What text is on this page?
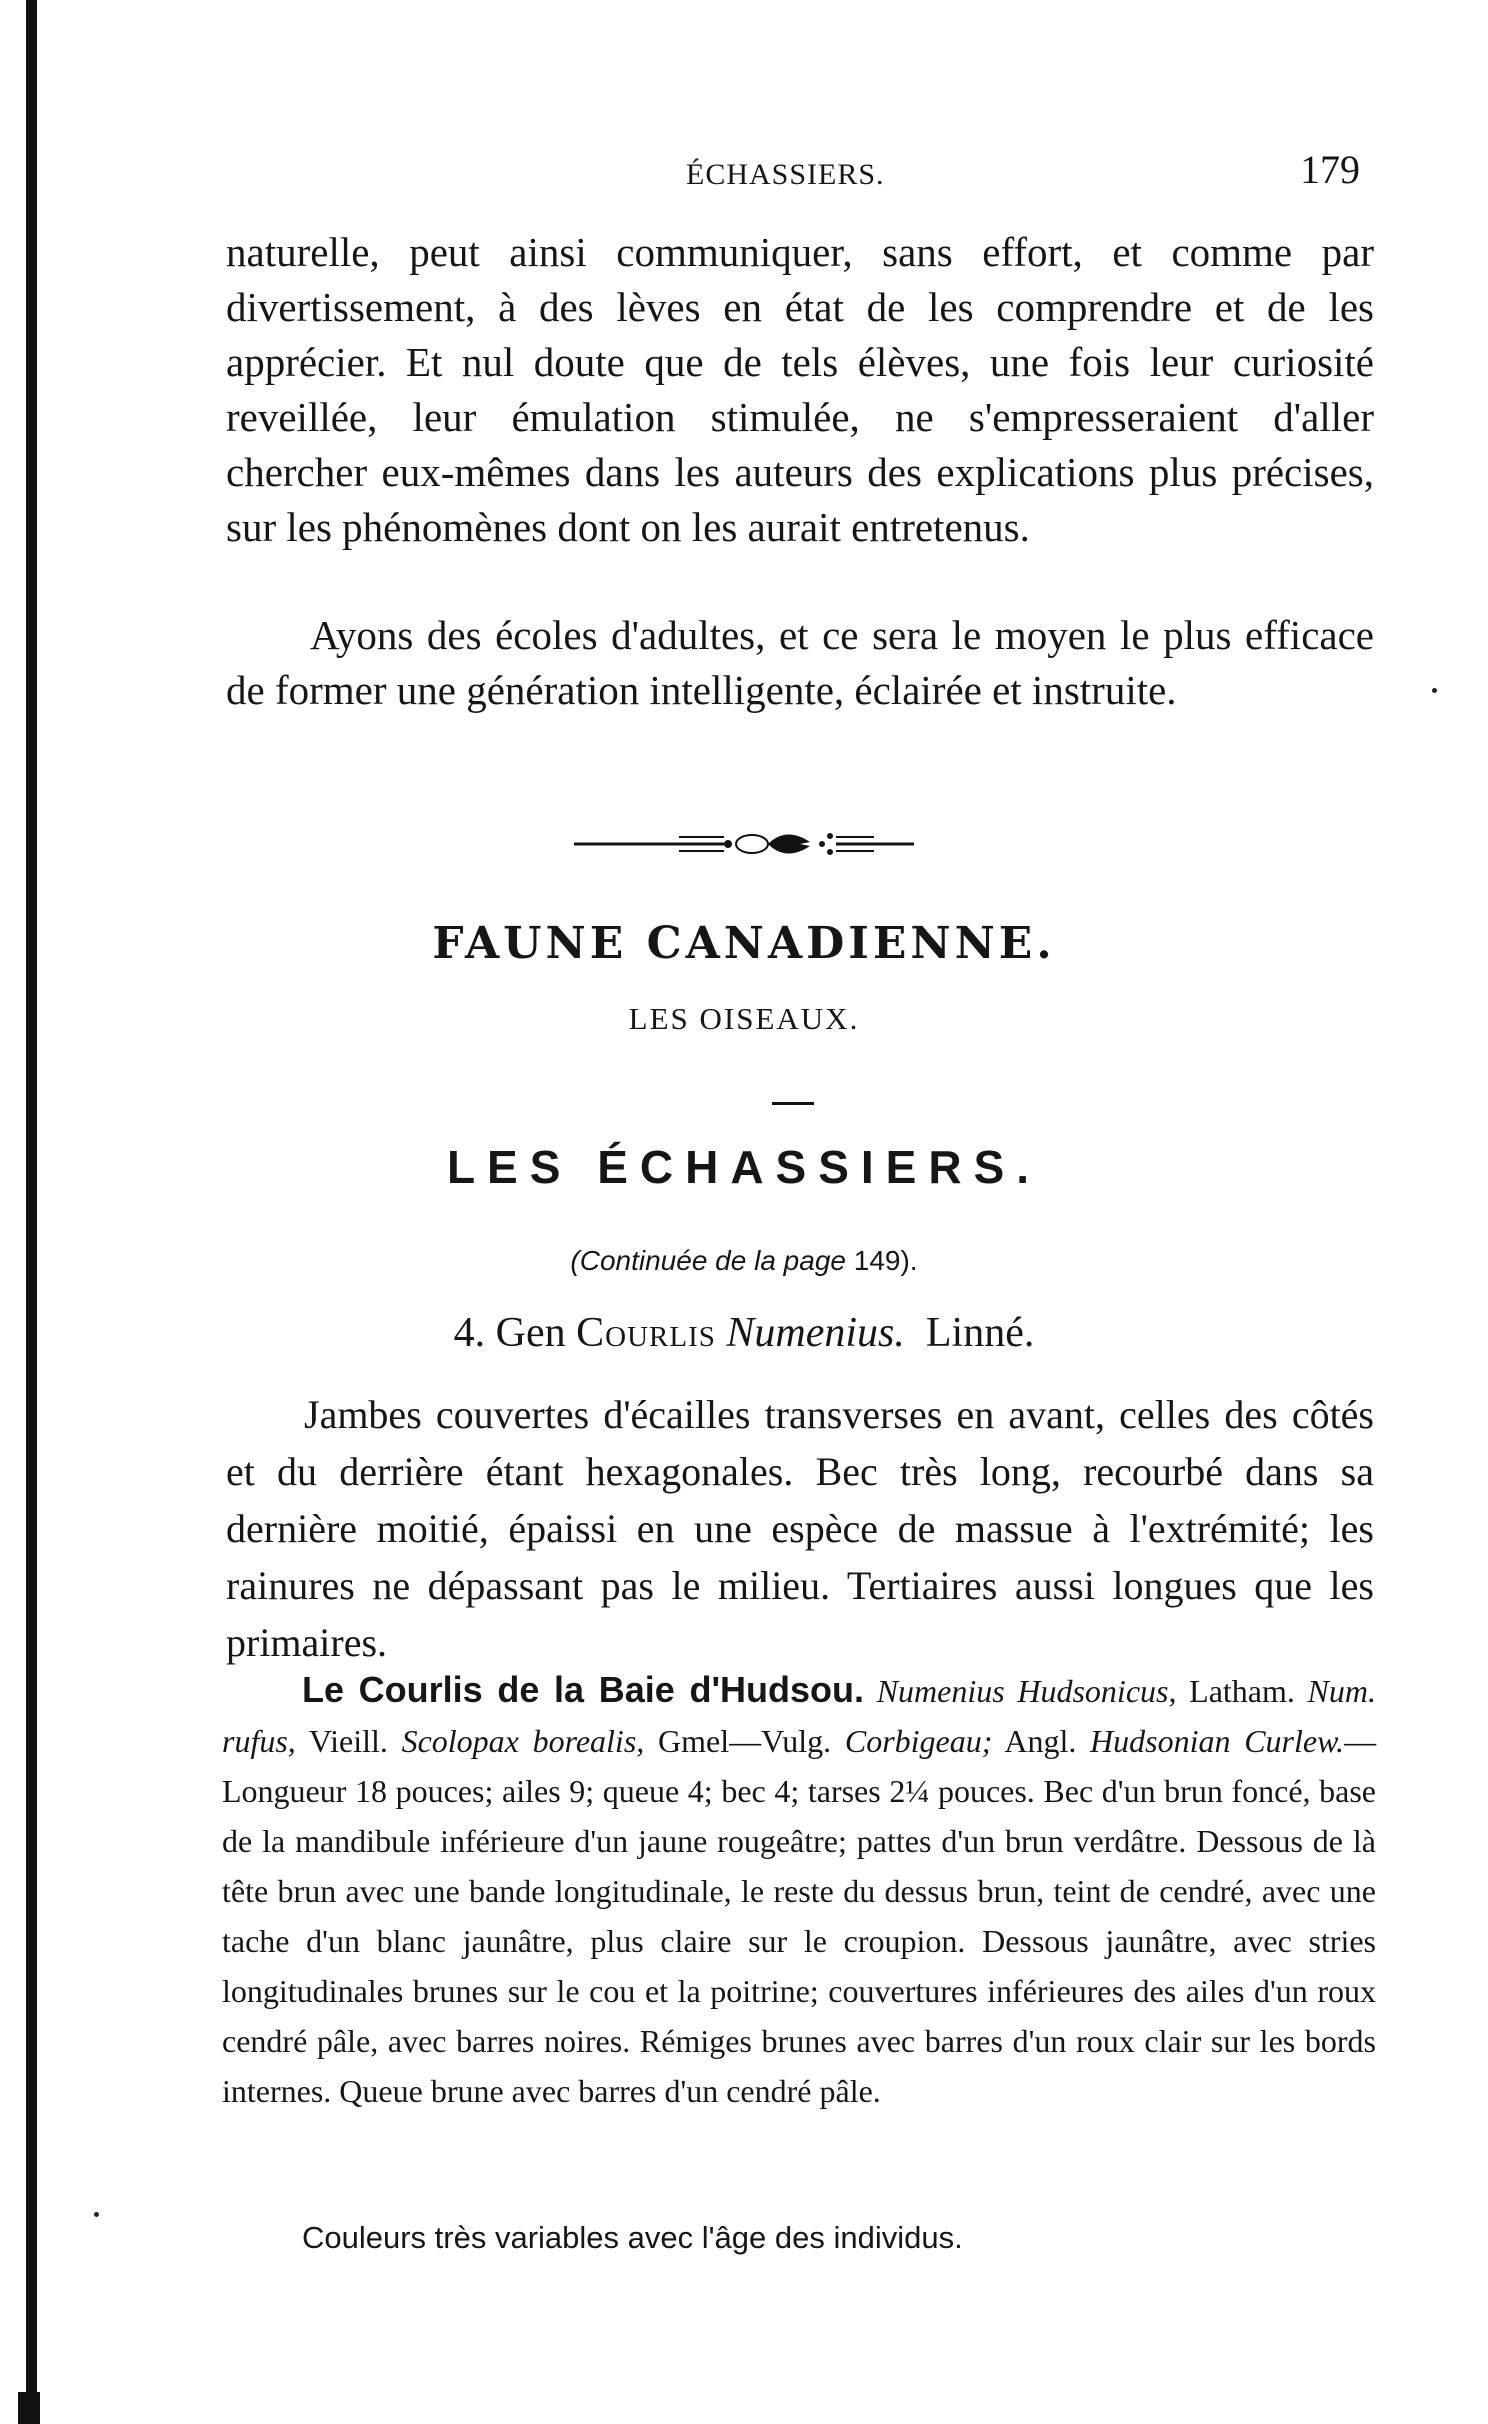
ÉCHASSIERS.	179

naturelle, peut ainsi communiquer, sans effort, et comme par divertissement, à des lèves en état de les comprendre et de les apprécier. Et nul doute que de tels élèves, une fois leur curiosité reveillée, leur émulation stimulée, ne s'empresseraient d'aller chercher eux-mêmes dans les auteurs des explications plus précises, sur les phénomènes dont on les aurait entretenus.

Ayons des écoles d'adultes, et ce sera le moyen le plus efficace de former une génération intelligente, éclairée et instruite.

FAUNE CANADIENNE.
LES OISEAUX.
LES ÉCHASSIERS.
(Continuée de la page 149).
4. Gen Courlis Numenius. Linné.

Jambes couvertes d'écailles transverses en avant, celles des côtés et du derrière étant hexagonales. Bec très long, recourbé dans sa dernière moitié, épaissi en une espèce de massue à l'extrémité; les rainures ne dépassant pas le milieu. Tertiaires aussi longues que les primaires.

Le Courlis de la Baie d'Hudsou. Numenius Hudsonicus, Latham. Num. rufus, Vieill. Scolopax borealis, Gmel—Vulg. Corbigeau; Angl. Hudsonian Curlew.—Longueur 18 pouces; ailes 9; queue 4; bec 4; tarses 2¼ pouces. Bec d'un brun foncé, base de la mandibule inférieure d'un jaune rougeâtre; pattes d'un brun verdâtre. Dessous de là tête brun avec une bande longitudinale, le reste du dessus brun, teint de cendré, avec une tache d'un blanc jaunâtre, plus claire sur le croupion. Dessous jaunâtre, avec stries longitudinales brunes sur le cou et la poitrine; couvertures inférieures des ailes d'un roux cendré pâle, avec barres noires. Rémiges brunes avec barres d'un roux clair sur les bords internes. Queue brune avec barres d'un cendré pâle.

Couleurs très variables avec l'âge des individus.
